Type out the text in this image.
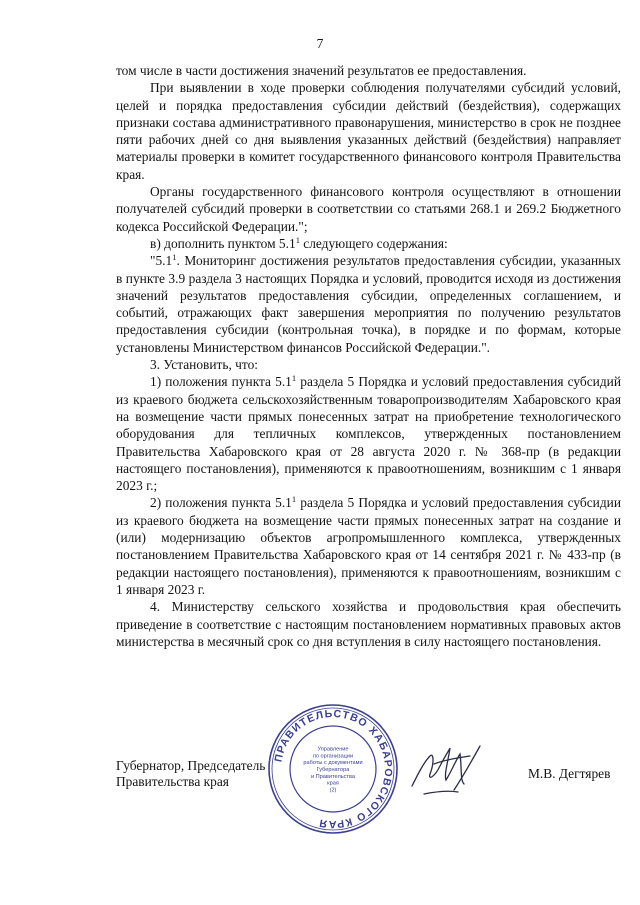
7

том числе в части достижения значений результатов ее предоставления.

При выявлении в ходе проверки соблюдения получателями субсидий условий, целей и порядка предоставления субсидии действий (бездействия), содержащих признаки состава административного правонарушения, министерство в срок не позднее пяти рабочих дней со дня выявления указанных действий (бездействия) направляет материалы проверки в комитет государственного финансового контроля Правительства края.

Органы государственного финансового контроля осуществляют в отношении получателей субсидий проверки в соответствии со статьями 268.1 и 269.2 Бюджетного кодекса Российской Федерации.";

в) дополнить пунктом $5.1^1$ следующего содержания:

"$5.1^1$. Мониторинг достижения результатов предоставления субсидии, указанных в пункте 3.9 раздела 3 настоящих Порядка и условий, проводится исходя из достижения значений результатов предоставления субсидии, определенных соглашением, и событий, отражающих факт завершения мероприятия по получению результатов предоставления субсидии (контрольная точка), в порядке и по формам, которые установлены Министерством финансов Российской Федерации.".

3. Установить, что:

1) положения пункта $5.1^1$ раздела 5 Порядка и условий предоставления субсидий из краевого бюджета сельскохозяйственным товаропроизводителям Хабаровского края на возмещение части прямых понесенных затрат на приобретение технологического оборудования для тепличных комплексов, утвержденных постановлением Правительства Хабаровского края от 28 августа 2020 г. № 368-пр (в редакции настоящего постановления), применяются к правоотношениям, возникшим с 1 января 2023 г.;

2) положения пункта $5.1^1$ раздела 5 Порядка и условий предоставления субсидии из краевого бюджета на возмещение части прямых понесенных затрат на создание и (или) модернизацию объектов агропромышленного комплекса, утвержденных постановлением Правительства Хабаровского края от 14 сентября 2021 г. № 433-пр (в редакции настоящего постановления), применяются к правоотношениям, возникшим с 1 января 2023 г.

4. Министерству сельского хозяйства и продовольствия края обеспечить приведение в соответствие с настоящим постановлением нормативных правовых актов министерства в месячный срок со дня вступления в силу настоящего постановления.

ПРАВИТЕЛЬСТВО ХАБАРОВСКОГО КРАЯ
Управление
по организации
работы с документами
Губернатора
и Правительства
края
(2)
Губернатор, Председатель
Правительства края
М.В. Дегтярев
